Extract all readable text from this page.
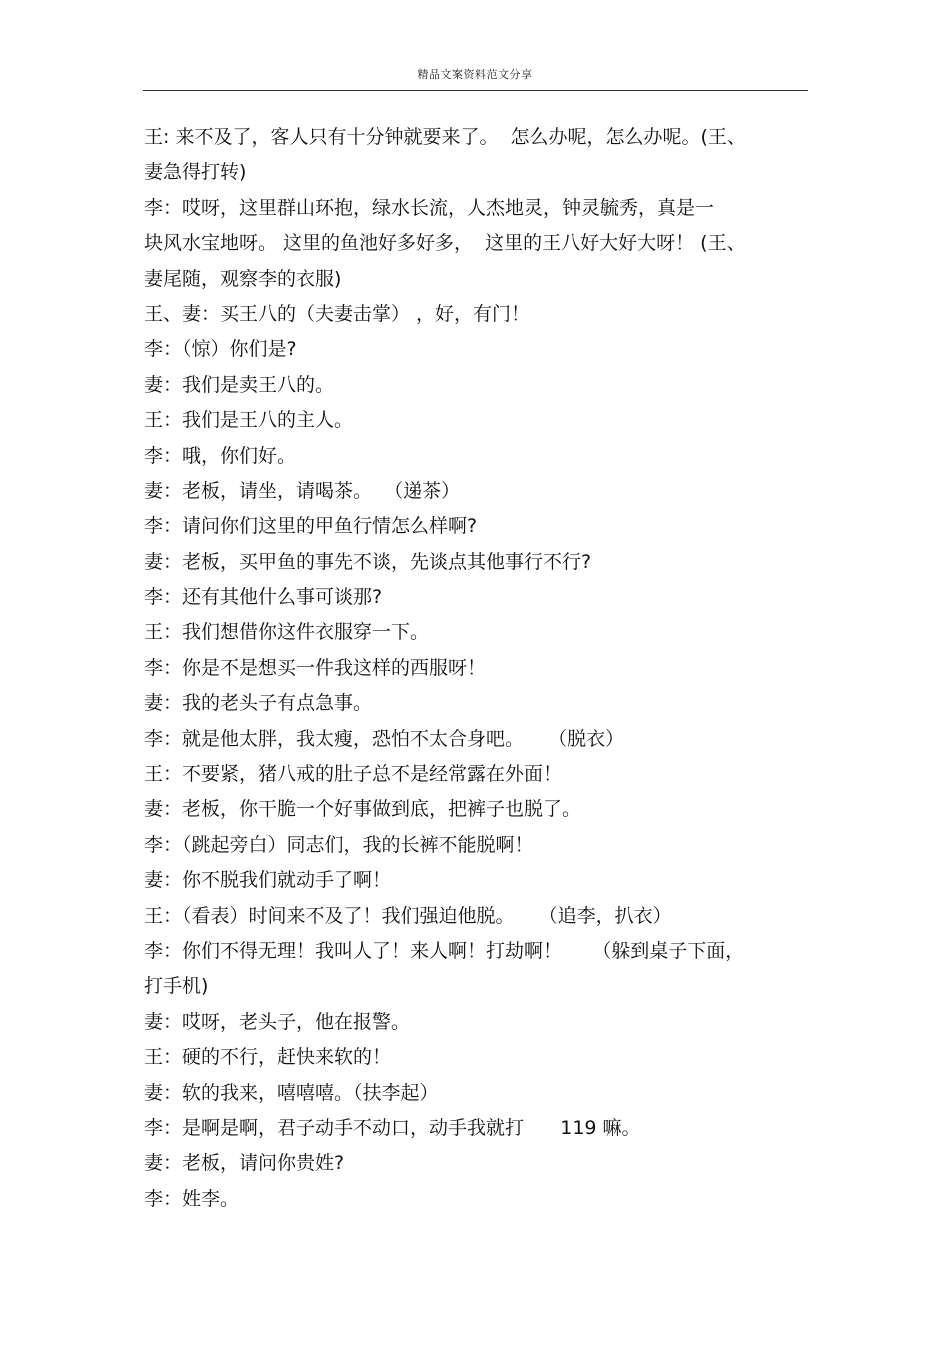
精品文案资料范文分享
王: 来不及了，客人只有十分钟就要来了。  怎么办呢，怎么办呢。(王、
妻急得打转)
李：哎呀，这里群山环抱，绿水长流，人杰地灵，钟灵毓秀，真是一
块风水宝地呀。 这里的鱼池好多好多，  这里的王八好大好大呀！ (王、
妻尾随，观察李的衣服)
王、妻：买王八的（夫妻击掌） ，好，有门！
李：（惊）你们是?
妻：我们是卖王八的。
王：我们是王八的主人。
李：哦，你们好。
妻：老板，请坐，请喝茶。  （递茶）
李：请问你们这里的甲鱼行情怎么样啊?
妻：老板，买甲鱼的事先不谈，先谈点其他事行不行?
李：还有其他什么事可谈那?
王：我们想借你这件衣服穿一下。
李：你是不是想买一件我这样的西服呀！
妻：我的老头子有点急事。
李：就是他太胖，我太瘦，恐怕不太合身吧。    （脱衣）
王：不要紧，猪八戒的肚子总不是经常露在外面！
妻：老板，你干脆一个好事做到底，把裤子也脱了。
李：（跳起旁白）同志们，我的长裤不能脱啊！
妻：你不脱我们就动手了啊！
王：（看表）时间来不及了！我们强迫他脱。    （追李，扒衣）
李：你们不得无理！我叫人了！来人啊！打劫啊！     （躲到桌子下面，
打手机)
妻：哎呀，老头子，他在报警。
王：硬的不行，赶快来软的！
妻：软的我来，嘻嘻嘻。（扶李起）
李：是啊是啊，君子动手不动口，动手我就打      119 嘛。
妻：老板，请问你贵姓?
李：姓李。
